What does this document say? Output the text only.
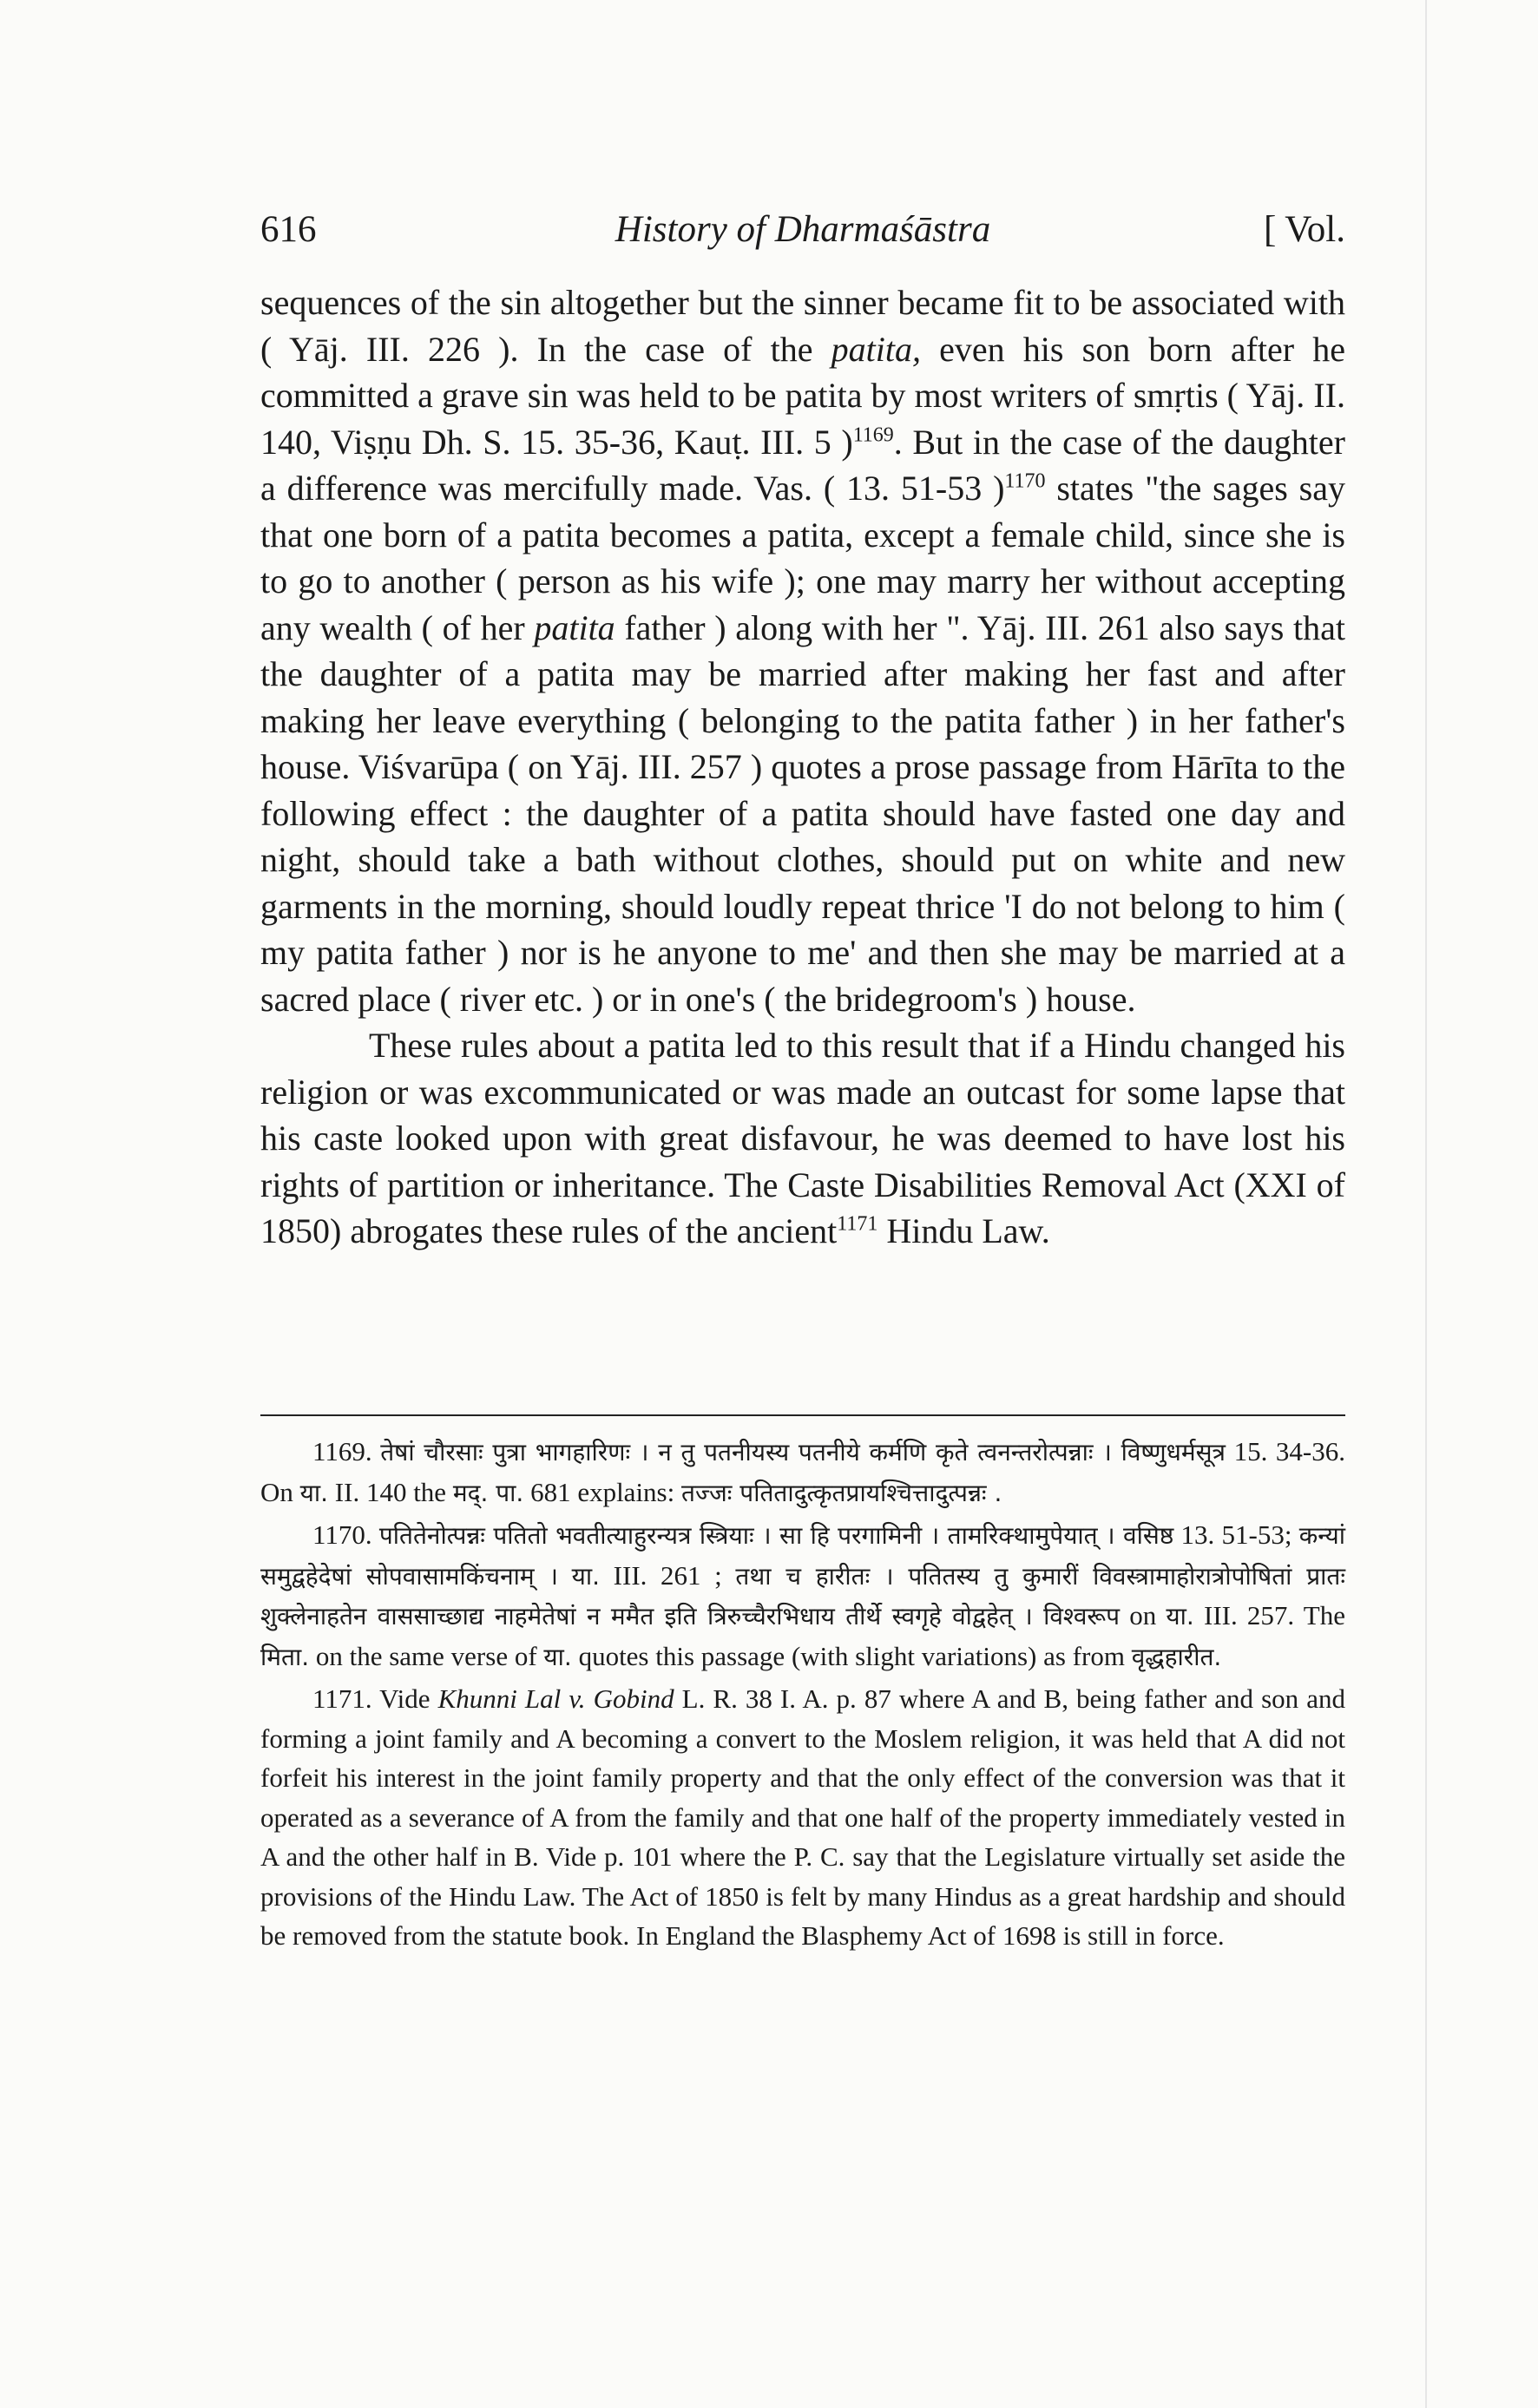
616	History of Dharmaśāstra	[ Vol.

sequences of the sin altogether but the sinner became fit to be associated with ( Yāj. III. 226 ). In the case of the patita, even his son born after he committed a grave sin was held to be patita by most writers of smṛtis ( Yāj. II. 140, Viṣṇu Dh. S. 15. 35-36, Kauṭ. III. 5 )$^{1169}$. But in the case of the daughter a difference was mercifully made. Vas. ( 13. 51-53 )$^{1170}$ states "the sages say that one born of a patita becomes a patita, except a female child, since she is to go to another ( person as his wife ); one may marry her without accepting any wealth ( of her patita father ) along with her ". Yāj. III. 261 also says that the daughter of a patita may be married after making her fast and after making her leave everything ( belonging to the patita father ) in her father's house. Viśvarūpa ( on Yāj. III. 257 ) quotes a prose passage from Hārīta to the following effect : the daughter of a patita should have fasted one day and night, should take a bath without clothes, should put on white and new garments in the morning, should loudly repeat thrice 'I do not belong to him ( my patita father ) nor is he anyone to me' and then she may be married at a sacred place ( river etc. ) or in one's ( the bridegroom's ) house.

These rules about a patita led to this result that if a Hindu changed his religion or was excommunicated or was made an outcast for some lapse that his caste looked upon with great disfavour, he was deemed to have lost his rights of partition or inheritance. The Caste Disabilities Removal Act (XXI of 1850) abrogates these rules of the ancient$^{1171}$ Hindu Law.

1169. तेषां चौरसाः पुत्रा भागहारिणः । न तु पतनीयस्य पतनीये कर्मणि कृते त्वनन्तरोत्पन्नाः । विष्णुधर्मसूत्र 15. 34-36. On या. II. 140 the मद्. पा. 681 explains: तज्जः पतितादुत्कृतप्रायश्चित्तादुत्पन्नः .

1170. पतितेनोत्पन्नः पतितो भवतीत्याहुरन्यत्र स्त्रियाः । सा हि परगामिनी । तामरिक्थामुपेयात् । वसिष्ठ 13. 51-53; कन्यां समुद्वहेदेषां सोपवासामकिंचनाम् । या. III. 261 ; तथा च हारीतः । पतितस्य तु कुमारीं विवस्त्रामाहोरात्रोपोषितां प्रातः शुक्लेनाहतेन वाससाच्छाद्य नाहमेतेषां न ममैत इति त्रिरुच्चैरभिधाय तीर्थे स्वगृहे वोद्वहेत् । विश्वरूप on या. III. 257. The मिता. on the same verse of या. quotes this passage (with slight variations) as from वृद्धहारीत.

1171. Vide Khunni Lal v. Gobind L. R. 38 I. A. p. 87 where A and B, being father and son and forming a joint family and A becoming a convert to the Moslem religion, it was held that A did not forfeit his interest in the joint family property and that the only effect of the conversion was that it operated as a severance of A from the family and that one half of the property immediately vested in A and the other half in B. Vide p. 101 where the P. C. say that the Legislature virtually set aside the provisions of the Hindu Law. The Act of 1850 is felt by many Hindus as a great hardship and should be removed from the statute book. In England the Blasphemy Act of 1698 is still in force.
